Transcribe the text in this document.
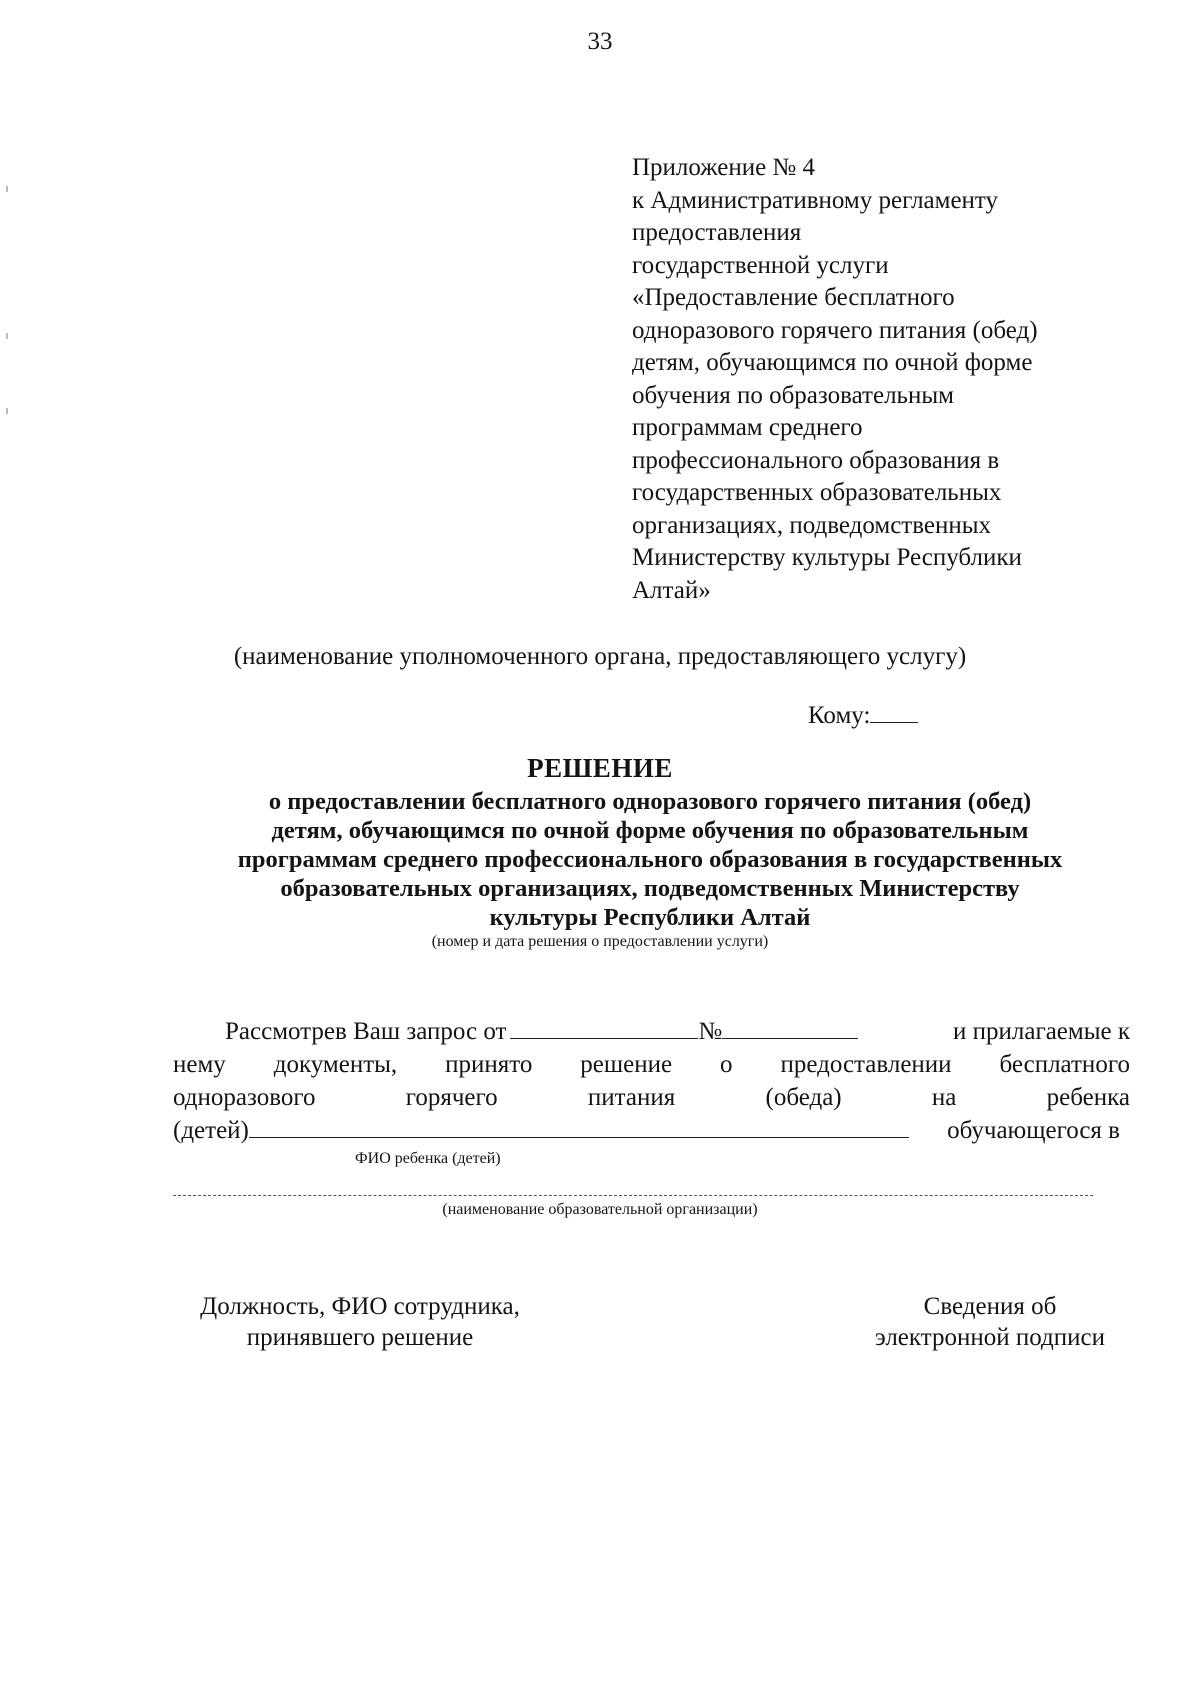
33
Приложение № 4
к Административному регламенту
предоставления
государственной услуги
«Предоставление бесплатного
одноразового горячего питания (обед)
детям, обучающимся по очной форме
обучения по образовательным
программам среднего
профессионального образования в
государственных образовательных
организациях, подведомственных
Министерству культуры Республики
Алтай»
(наименование уполномоченного органа, предоставляющего услугу)
Кому:
РЕШЕНИЕ
о предоставлении бесплатного одноразового горячего питания (обед)
детям, обучающимся по очной форме обучения по образовательным
программам среднего профессионального образования в государственных
образовательных организациях, подведомственных Министерству
культуры Республики Алтай
(номер и дата решения о предоставлении услуги)
Рассмотрев Ваш запрос от	№	и прилагаемые к
нему документы, принято решение о предоставлении бесплатного
одноразового	горячего	питания	(обеда)	на	ребенка
(детей)	обучающегося в
ФИО ребенка (детей)
(наименование образовательной организации)
Должность, ФИО сотрудника,
принявшего решение
Сведения об
электронной подписи
